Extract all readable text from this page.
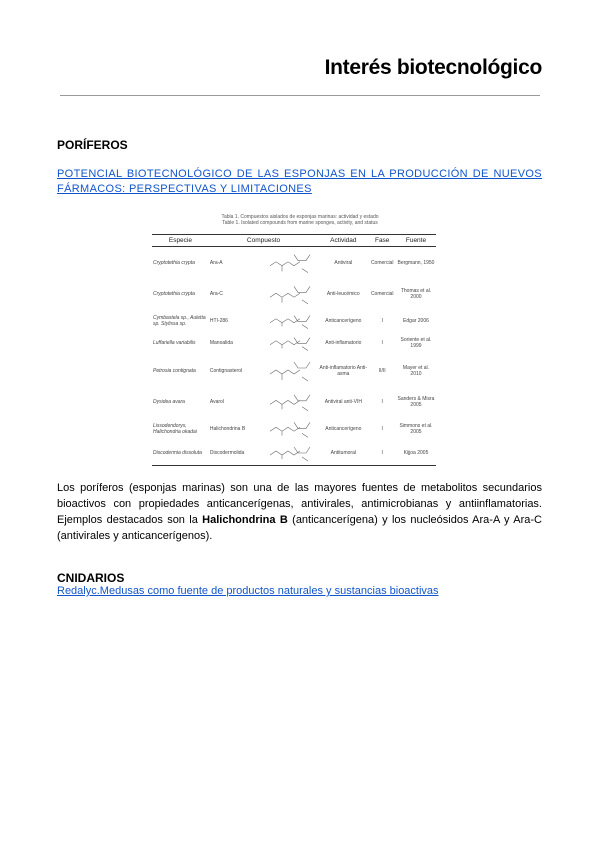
Interés biotecnológico
PORÍFEROS
POTENCIAL BIOTECNOLÓGICO DE LAS ESPONJAS EN LA PRODUCCIÓN DE NUEVOS FÁRMACOS: PERSPECTIVAS Y LIMITACIONES
Tabla 1. Compuestos aislados de esponjas marinas: actividad y estado
Table 1. Isolated compounds from marine sponges, activity, and status
Especie	Compuesto	Actividad	Fase	Fuente
Cryptotethia crypta	Ara-A	Antiviral	Comercial	Bergmann, 1950
Cryptotethia crypta	Ara-C	Anti-leucémico	Comercial	Thomas et al. 2000
Cymbastela sp., Auletta sp. Stylissa sp.	HTI-286	Anticancerígeno	I	Edgar 2006
Luffariella variabilis	Manoalida	Anti-inflamatorio	I	Soriente et al. 1999
Petrosia contignata	Contignasterol	Anti-inflamatorio Anti-asma	II/II	Mayer et al. 2010
Dysidea avara	Avarol	Antiviral anti-VIH	I	Sanders & Misra 2005
Lissodendoryx, Halichondria okadai	Halichondrina B	Anticancerígeno	I	Simmons et al. 2005
Discodermia dissoluta	Discodermolida	Antitumoral	I	Kijjoa 2005
Los poríferos (esponjas marinas) son una de las mayores fuentes de metabolitos secundarios bioactivos con propiedades anticancerígenas, antivirales, antimicrobianas y antiinflamatorias. Ejemplos destacados son la Halichondrina B (anticancerígena) y los nucleósidos Ara-A y Ara-C (antivirales y anticancerígenos).
CNIDARIOS
Redalyc.Medusas como fuente de productos naturales y sustancias bioactivas
